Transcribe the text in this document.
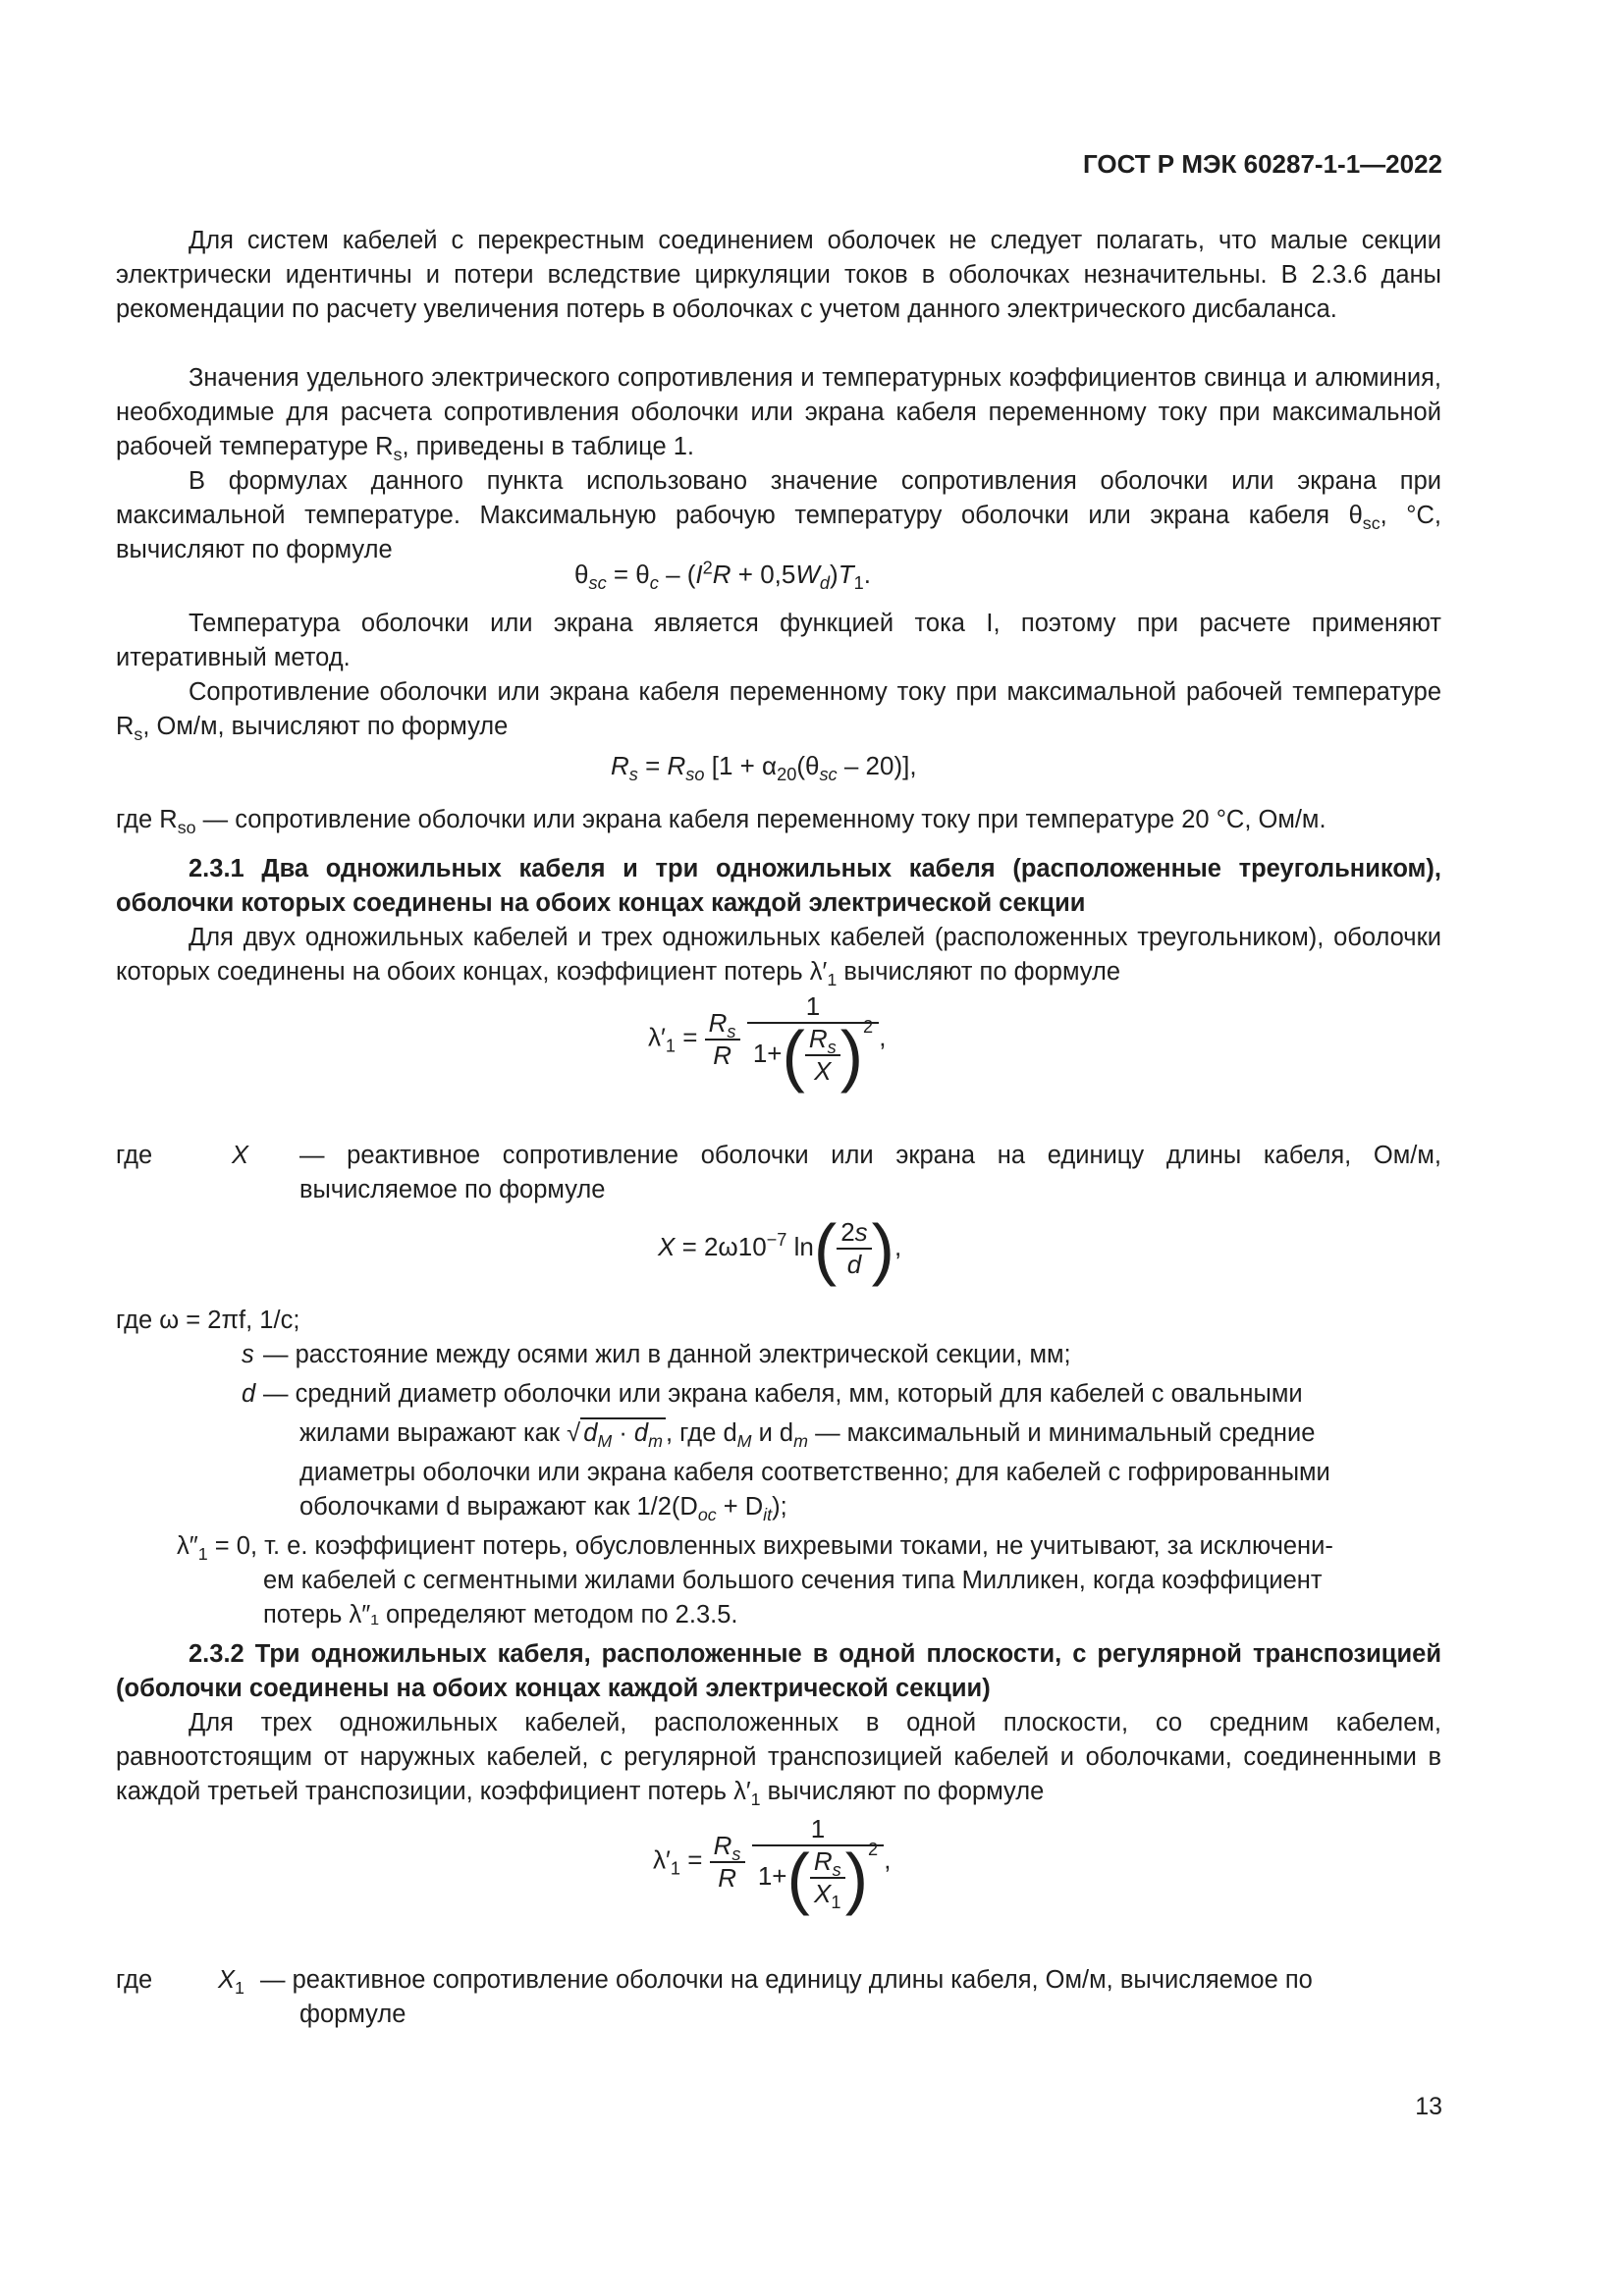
ГОСТ Р МЭК 60287-1-1—2022
Для систем кабелей с перекрестным соединением оболочек не следует полагать, что малые секции электрически идентичны и потери вследствие циркуляции токов в оболочках незначительны. В 2.3.6 даны рекомендации по расчету увеличения потерь в оболочках с учетом данного электрического дисбаланса.
Значения удельного электрического сопротивления и температурных коэффициентов свинца и алюминия, необходимые для расчета сопротивления оболочки или экрана кабеля переменному току при максимальной рабочей температуре $R_s$, приведены в таблице 1.
В формулах данного пункта использовано значение сопротивления оболочки или экрана при максимальной температуре. Максимальную рабочую температуру оболочки или экрана кабеля $\theta_{sc}$, °С, вычисляют по формуле
$\theta_{sc} = \theta_c - (I^2R + 0,5W_d)T_1$.
Температура оболочки или экрана является функцией тока I, поэтому при расчете применяют итеративный метод.
Сопротивление оболочки или экрана кабеля переменному току при максимальной рабочей температуре $R_s$, Ом/м, вычисляют по формуле
$R_s = R_{so}$ $[1 + \alpha_{20}(\theta_{sc} - 20)]$,
где $R_{so}$ — сопротивление оболочки или экрана кабеля переменному току при температуре 20 °С, Ом/м.
2.3.1 Два одножильных кабеля и три одножильных кабеля (расположенные треугольником), оболочки которых соединены на обоих концах каждой электрической секции
Для двух одножильных кабелей и трех одножильных кабелей (расположенных треугольником), оболочки которых соединены на обоих концах, коэффициент потерь $\lambda'_1$ вычисляют по формуле
$\lambda'_1 = \frac{R_s}{R}$
$\frac{1}{1+( \frac{R_s}{X} )^2}$ ,
где	X — реактивное сопротивление оболочки или экрана на единицу длины кабеля, Ом/м, вычисляемое по формуле
$X = 2\omega 10^{-7}$ $\ln( \frac{2s}{d}$ ),
где ω = 2πf, 1/с;
s — расстояние между осями жил в данной электрической секции, мм;
d — средний диаметр оболочки или экрана кабеля, мм, который для кабелей с овальными
жилами выражают как √ $d_M \cdot d_m$ , где $d_M$ и $d_m$ — максимальный и минимальный средние
диаметры оболочки или экрана кабеля соответственно; для кабелей с гофрированными
оболочками d выражают как $1/2(D_{oc} + D_{it})$;
$\lambda''_1 = 0$, т. е. коэффициент потерь, обусловленных вихревыми токами, не учитывают, за исключени-
ем кабелей с сегментными жилами большого сечения типа Милликен, когда коэффициент
потерь λ″₁ определяют методом по 2.3.5.
2.3.2 Три одножильных кабеля, расположенные в одной плоскости, с регулярной транспозицией (оболочки соединены на обоих концах каждой электрической секции)
Для трех одножильных кабелей, расположенных в одной плоскости, со средним кабелем, равноотстоящим от наружных кабелей, с регулярной транспозицией кабелей и оболочками, соединенными в каждой третьей транспозиции, коэффициент потерь $\lambda'_1$ вычисляют по формуле
$\lambda'_1 = \frac{R_s}{R}$
$\frac{1}{1+( \frac{R_s}{X_1} )^2}$ ,
где	$X_1$ — реактивное сопротивление оболочки на единицу длины кабеля, Ом/м, вычисляемое по
формуле
13
